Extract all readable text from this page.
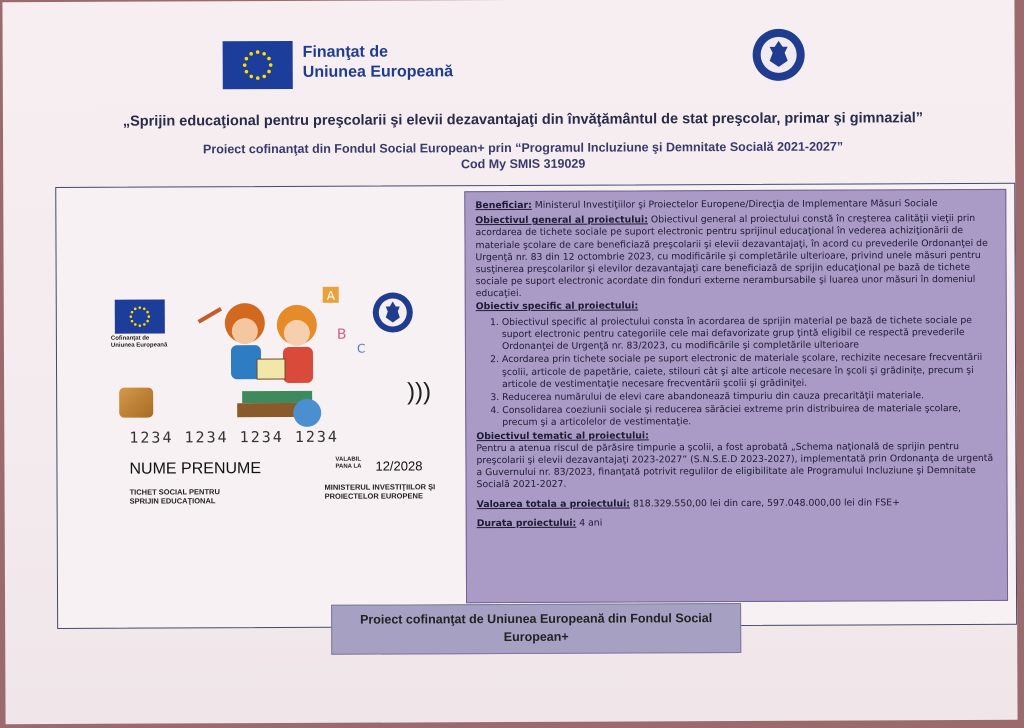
Finanţat de
Uniunea Europeană
„Sprijin educaţional pentru preşcolarii şi elevii dezavantajaţi din învăţământul de stat preşcolar, primar şi gimnazial”
Proiect cofinanţat din Fondul Social European+ prin “Programul Incluziune şi Demnitate Socială 2021-2027”
Cod My SMIS 319029
Cofinanţat de
Uniunea Europeană
A
B
C
)))
1234 1234 1234 1234
NUME PRENUME
TICHET SOCIAL PENTRU
SPRIJIN EDUCAŢIONAL
VALABIL
PANA LA 12/2028
MINISTERUL INVESTIŢIILOR ŞI
PROIECTELOR EUROPENE

Beneficiar: Ministerul Investiţiilor şi Proiectelor Europene/Direcţia de Implementare Măsuri Sociale

Obiectivul general al proiectului: Obiectivul general al proiectului constă în creşterea calităţii vieţii prin acordarea de tichete sociale pe suport electronic pentru sprijinul educaţional în vederea achiziţionării de materiale şcolare de care beneficiază preşcolarii şi elevii dezavantajaţi, în acord cu prevederile Ordonanţei de Urgenţă nr. 83 din 12 octombrie 2023, cu modificările şi completările ulterioare, privind unele măsuri pentru susţinerea preşcolarilor şi elevilor dezavantajaţi care beneficiază de sprijin educaţional pe bază de tichete sociale pe suport electronic acordate din fonduri externe nerambursabile şi luarea unor măsuri în domeniul educaţiei.

Obiectiv specific al proiectului:

1. Obiectivul specific al proiectului consta în acordarea de sprijin material pe bază de tichete sociale pe suport electronic pentru categoriile cele mai defavorizate grup ţintă eligibil ce respectă prevederile Ordonanţei de Urgenţă nr. 83/2023, cu modificările şi completările ulterioare
2. Acordarea prin tichete sociale pe suport electronic de materiale şcolare, rechizite necesare frecventării şcolii, articole de papetărie, caiete, stilouri cât şi alte articole necesare în şcoli şi grădinițe, precum şi articole de vestimentaţie necesare frecventării şcolii şi grădiniţei.
3. Reducerea numărului de elevi care abandonează timpuriu din cauza precarităţii materiale.
4. Consolidarea coeziunii sociale şi reducerea sărăciei extreme prin distribuirea de materiale şcolare, precum şi a articolelor de vestimentaţie.

Obiectivul tematic al proiectului:

Pentru a atenua riscul de părăsire timpurie a şcolii, a fost aprobată „Schema naţională de sprijin pentru preşcolarii şi elevii dezavantajaţi 2023-2027” (S.N.S.E.D 2023-2027), implementată prin Ordonanţa de urgentă a Guvernului nr. 83/2023, finanţată potrivit regulilor de eligibilitate ale Programului Incluziune şi Demnitate Socială 2021-2027.

Valoarea totala a proiectului: 818.329.550,00 lei din care, 597.048.000,00 lei din FSE+

Durata proiectului: 4 ani

Proiect cofinanţat de Uniunea Europeană din Fondul Social
European+
